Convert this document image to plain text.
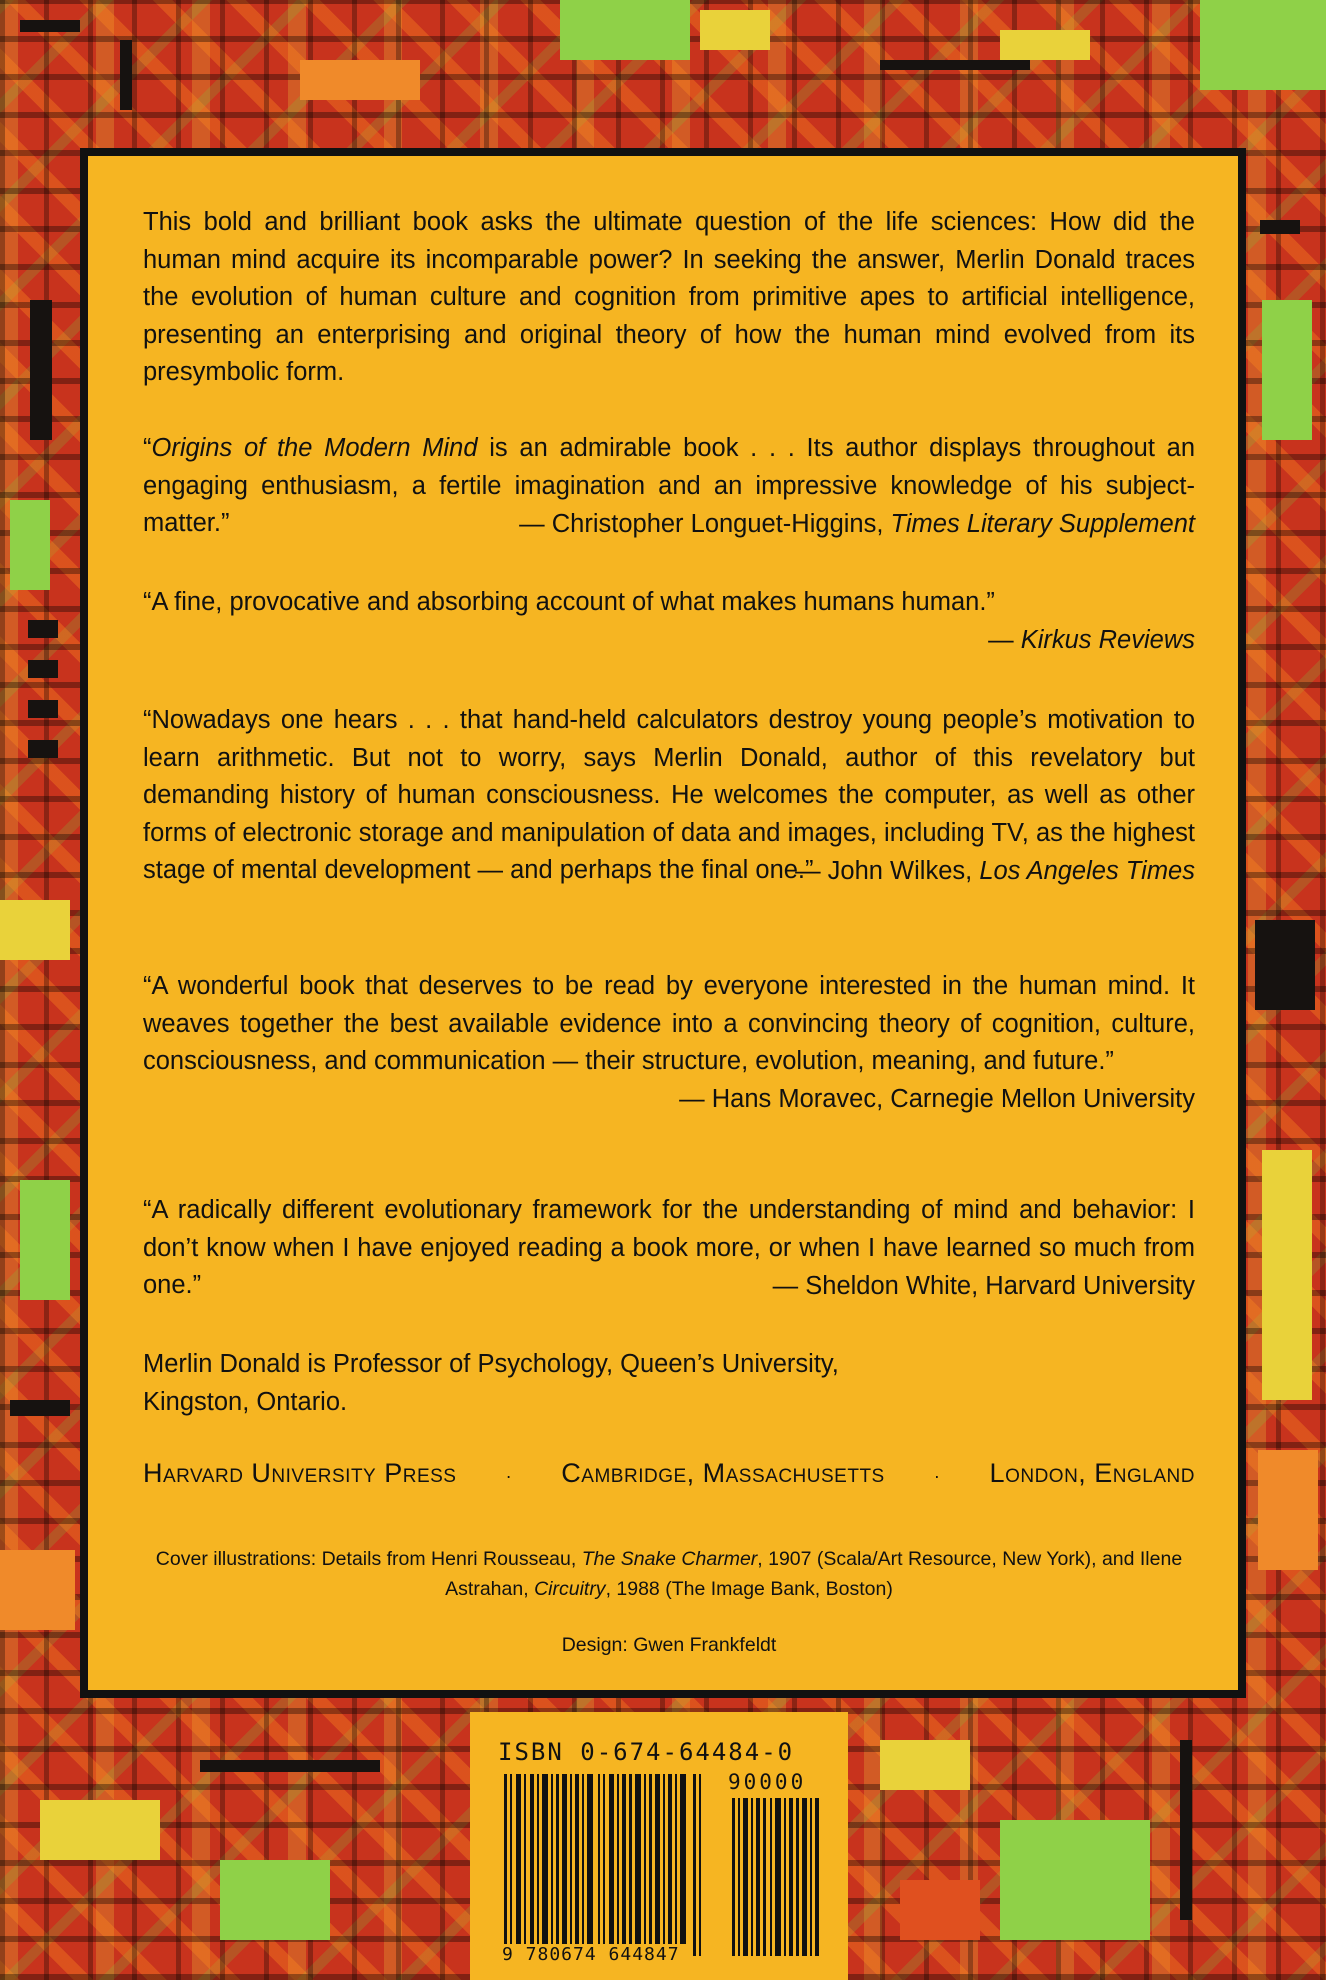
This bold and brilliant book asks the ultimate question of the life sciences: How did the human mind acquire its incomparable power? In seeking the answer, Merlin Donald traces the evolution of human culture and cognition from primitive apes to artificial intelligence, presenting an enterprising and original theory of how the human mind evolved from its presymbolic form.

“Origins of the Modern Mind is an admirable book . . . Its author displays throughout an engaging enthusiasm, a fertile imagination and an impressive knowledge of his subject-matter.”	— Christopher Longuet-Higgins, Times Literary Supplement
“A fine, provocative and absorbing account of what makes humans human.”
— Kirkus Reviews
“Nowadays one hears . . . that hand-held calculators destroy young people’s motivation to learn arithmetic. But not to worry, says Merlin Donald, author of this revelatory but demanding history of human consciousness. He welcomes the computer, as well as other forms of electronic storage and manipulation of data and images, including TV, as the highest stage of mental development — and perhaps the final one.”
— John Wilkes, Los Angeles Times
“A wonderful book that deserves to be read by everyone interested in the human mind. It weaves together the best available evidence into a convincing theory of cognition, culture, consciousness, and communication — their structure, evolution, meaning, and future.”
— Hans Moravec, Carnegie Mellon University
“A radically different evolutionary framework for the understanding of mind and behavior: I don’t know when I have enjoyed reading a book more, or when I have learned so much from one.”	— Sheldon White, Harvard University

Merlin Donald is Professor of Psychology, Queen’s University, Kingston, Ontario.

Harvard University Press	· Cambridge, Massachusetts	· London, England
Cover illustrations: Details from Henri Rousseau, The Snake Charmer, 1907 (Scala/Art Resource, New York), and Ilene Astrahan, Circuitry, 1988 (The Image Bank, Boston)
Design: Gwen Frankfeldt
ISBN 0-674-64484-0
90000
9 780674 644847
